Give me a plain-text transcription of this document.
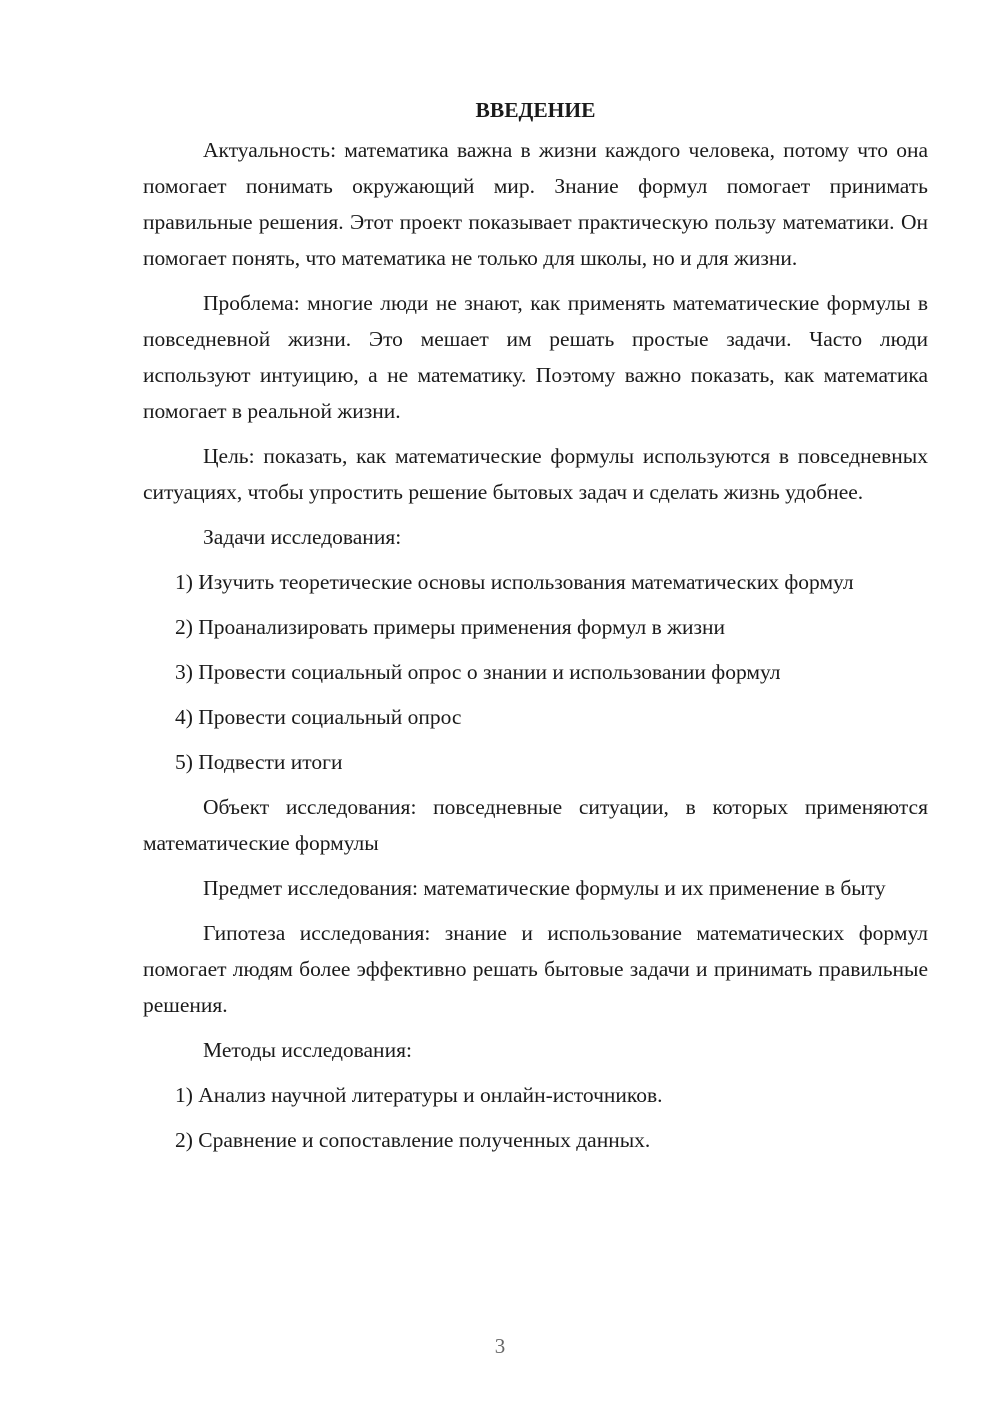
ВВЕДЕНИЕ

Актуальность: математика важна в жизни каждого человека, потому что она помогает понимать окружающий мир. Знание формул помогает принимать правильные решения. Этот проект показывает практическую пользу математики. Он помогает понять, что математика не только для школы, но и для жизни.

Проблема: многие люди не знают, как применять математические формулы в повседневной жизни. Это мешает им решать простые задачи. Часто люди используют интуицию, а не математику. Поэтому важно показать, как математика помогает в реальной жизни.

Цель: показать, как математические формулы используются в повседневных ситуациях, чтобы упростить решение бытовых задач и сделать жизнь удобнее.

Задачи исследования:

1) Изучить теоретические основы использования математических формул

2) Проанализировать примеры применения формул в жизни

3) Провести социальный опрос о знании и использовании формул

4) Провести социальный опрос

5) Подвести итоги

Объект исследования: повседневные ситуации, в которых применяются математические формулы

Предмет исследования: математические формулы и их применение в быту

Гипотеза исследования: знание и использование математических формул помогает людям более эффективно решать бытовые задачи и принимать правильные решения.

Методы исследования:

1) Анализ научной литературы и онлайн-источников.

2) Сравнение и сопоставление полученных данных.

3
